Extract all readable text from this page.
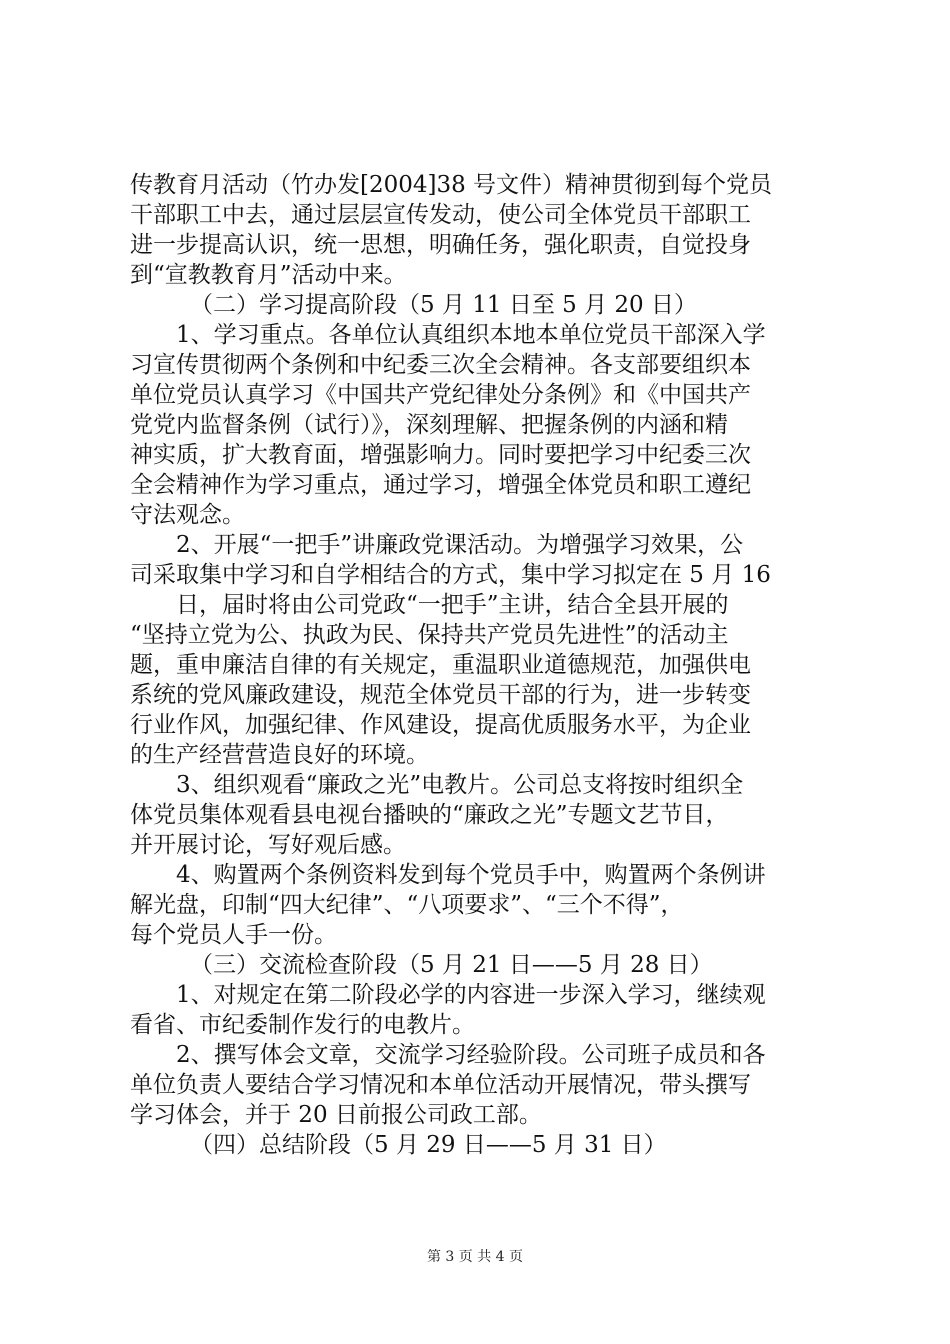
传教育月活动（竹办发[2004]38 号文件）精神贯彻到每个党员
干部职工中去，通过层层宣传发动，使公司全体党员干部职工
进一步提高认识，统一思想，明确任务，强化职责，自觉投身
到“宣教教育月”活动中来。
（二）学习提高阶段（5 月 11 日至 5 月 20 日）
1、学习重点。各单位认真组织本地本单位党员干部深入学
习宣传贯彻两个条例和中纪委三次全会精神。各支部要组织本
单位党员认真学习《中国共产党纪律处分条例》和《中国共产
党党内监督条例（试行）》，深刻理解、把握条例的内涵和精
神实质，扩大教育面，增强影响力。同时要把学习中纪委三次
全会精神作为学习重点，通过学习，增强全体党员和职工遵纪
守法观念。
2、开展“一把手”讲廉政党课活动。为增强学习效果，公
司采取集中学习和自学相结合的方式，集中学习拟定在 5 月 16
日，届时将由公司党政“一把手”主讲，结合全县开展的
“坚持立党为公、执政为民、保持共产党员先进性”的活动主
题，重申廉洁自律的有关规定，重温职业道德规范，加强供电
系统的党风廉政建设，规范全体党员干部的行为，进一步转变
行业作风，加强纪律、作风建设，提高优质服务水平，为企业
的生产经营营造良好的环境。
3、组织观看“廉政之光”电教片。公司总支将按时组织全
体党员集体观看县电视台播映的“廉政之光”专题文艺节目，
并开展讨论，写好观后感。
4、购置两个条例资料发到每个党员手中，购置两个条例讲
解光盘，印制“四大纪律”、“八项要求”、“三个不得”，
每个党员人手一份。
（三）交流检查阶段（5 月 21 日——5 月 28 日）
1、对规定在第二阶段必学的内容进一步深入学习，继续观
看省、市纪委制作发行的电教片。
2、撰写体会文章，交流学习经验阶段。公司班子成员和各
单位负责人要结合学习情况和本单位活动开展情况，带头撰写
学习体会，并于 20 日前报公司政工部。
（四）总结阶段（5 月 29 日——5 月 31 日）
第 3 页 共 4 页
